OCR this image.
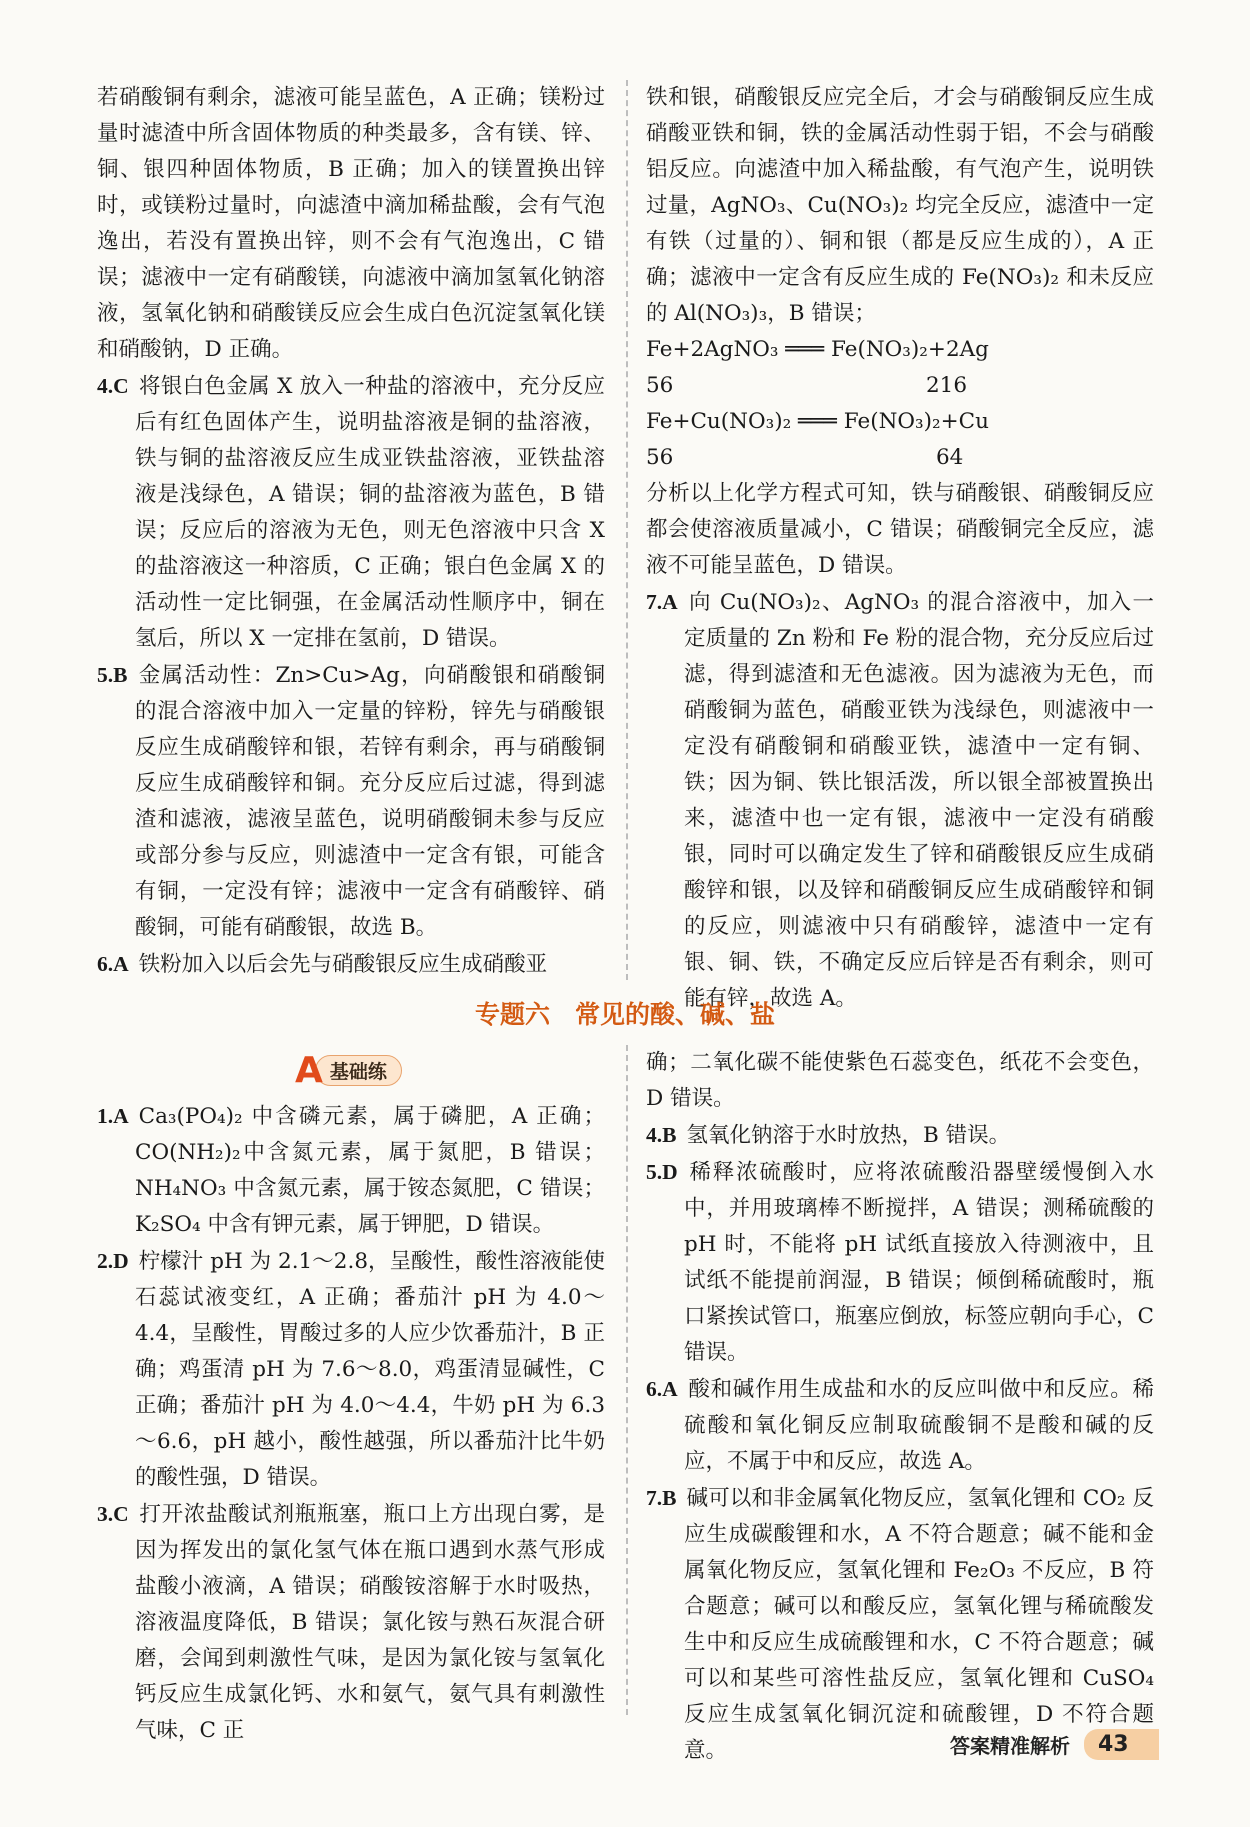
若硝酸铜有剩余，滤液可能呈蓝色，A 正确；镁粉过量时滤渣中所含固体物质的种类最多，含有镁、锌、铜、银四种固体物质，B 正确；加入的镁置换出锌时，或镁粉过量时，向滤渣中滴加稀盐酸，会有气泡逸出，若没有置换出锌，则不会有气泡逸出，C 错误；滤液中一定有硝酸镁，向滤液中滴加氢氧化钠溶液，氢氧化钠和硝酸镁反应会生成白色沉淀氢氧化镁和硝酸钠，D 正确。

4.C 将银白色金属 X 放入一种盐的溶液中，充分反应后有红色固体产生，说明盐溶液是铜的盐溶液，铁与铜的盐溶液反应生成亚铁盐溶液，亚铁盐溶液是浅绿色，A 错误；铜的盐溶液为蓝色，B 错误；反应后的溶液为无色，则无色溶液中只含 X 的盐溶液这一种溶质，C 正确；银白色金属 X 的活动性一定比铜强，在金属活动性顺序中，铜在氢后，所以 X 一定排在氢前，D 错误。

5.B 金属活动性：Zn>Cu>Ag，向硝酸银和硝酸铜的混合溶液中加入一定量的锌粉，锌先与硝酸银反应生成硝酸锌和银，若锌有剩余，再与硝酸铜反应生成硝酸锌和铜。充分反应后过滤，得到滤渣和滤液，滤液呈蓝色，说明硝酸铜未参与反应或部分参与反应，则滤渣中一定含有银，可能含有铜，一定没有锌；滤液中一定含有硝酸锌、硝酸铜，可能有硝酸银，故选 B。

6.A 铁粉加入以后会先与硝酸银反应生成硝酸亚

铁和银，硝酸银反应完全后，才会与硝酸铜反应生成硝酸亚铁和铜，铁的金属活动性弱于铝，不会与硝酸铝反应。向滤渣中加入稀盐酸，有气泡产生，说明铁过量，AgNO₃、Cu(NO₃)₂ 均完全反应，滤渣中一定有铁（过量的）、铜和银（都是反应生成的），A 正确；滤液中一定含有反应生成的 Fe(NO₃)₂ 和未反应的 Al(NO₃)₃，B 错误；

Fe+2AgNO₃ ═══ Fe(NO₃)₂+2Ag

56	216

Fe+Cu(NO₃)₂ ═══ Fe(NO₃)₂+Cu

56	64

分析以上化学方程式可知，铁与硝酸银、硝酸铜反应都会使溶液质量减小，C 错误；硝酸铜完全反应，滤液不可能呈蓝色，D 错误。

7.A 向 Cu(NO₃)₂、AgNO₃ 的混合溶液中，加入一定质量的 Zn 粉和 Fe 粉的混合物，充分反应后过滤，得到滤渣和无色滤液。因为滤液为无色，而硝酸铜为蓝色，硝酸亚铁为浅绿色，则滤液中一定没有硝酸铜和硝酸亚铁，滤渣中一定有铜、铁；因为铜、铁比银活泼，所以银全部被置换出来，滤渣中也一定有银，滤液中一定没有硝酸银，同时可以确定发生了锌和硝酸银反应生成硝酸锌和银，以及锌和硝酸铜反应生成硝酸锌和铜的反应，则滤液中只有硝酸锌，滤渣中一定有银、铜、铁，不确定反应后锌是否有剩余，则可能有锌，故选 A。

专题六　常见的酸、碱、盐
A 基础练

1.A Ca₃(PO₄)₂ 中含磷元素，属于磷肥，A 正确；CO(NH₂)₂中含氮元素，属于氮肥，B 错误；NH₄NO₃ 中含氮元素，属于铵态氮肥，C 错误；K₂SO₄ 中含有钾元素，属于钾肥，D 错误。

2.D 柠檬汁 pH 为 2.1～2.8，呈酸性，酸性溶液能使石蕊试液变红，A 正确；番茄汁 pH 为 4.0～4.4，呈酸性，胃酸过多的人应少饮番茄汁，B 正确；鸡蛋清 pH 为 7.6～8.0，鸡蛋清显碱性，C 正确；番茄汁 pH 为 4.0～4.4，牛奶 pH 为 6.3～6.6，pH 越小，酸性越强，所以番茄汁比牛奶的酸性强，D 错误。

3.C 打开浓盐酸试剂瓶瓶塞，瓶口上方出现白雾，是因为挥发出的氯化氢气体在瓶口遇到水蒸气形成盐酸小液滴，A 错误；硝酸铵溶解于水时吸热，溶液温度降低，B 错误；氯化铵与熟石灰混合研磨，会闻到刺激性气味，是因为氯化铵与氢氧化钙反应生成氯化钙、水和氨气，氨气具有刺激性气味，C 正

确；二氧化碳不能使紫色石蕊变色，纸花不会变色，D 错误。

4.B 氢氧化钠溶于水时放热，B 错误。

5.D 稀释浓硫酸时，应将浓硫酸沿器壁缓慢倒入水中，并用玻璃棒不断搅拌，A 错误；测稀硫酸的 pH 时，不能将 pH 试纸直接放入待测液中，且试纸不能提前润湿，B 错误；倾倒稀硫酸时，瓶口紧挨试管口，瓶塞应倒放，标签应朝向手心，C 错误。

6.A 酸和碱作用生成盐和水的反应叫做中和反应。稀硫酸和氧化铜反应制取硫酸铜不是酸和碱的反应，不属于中和反应，故选 A。

7.B 碱可以和非金属氧化物反应，氢氧化锂和 CO₂ 反应生成碳酸锂和水，A 不符合题意；碱不能和金属氧化物反应，氢氧化锂和 Fe₂O₃ 不反应，B 符合题意；碱可以和酸反应，氢氧化锂与稀硫酸发生中和反应生成硫酸锂和水，C 不符合题意；碱可以和某些可溶性盐反应，氢氧化锂和 CuSO₄ 反应生成氢氧化铜沉淀和硫酸锂，D 不符合题意。	答案精准解析	43
